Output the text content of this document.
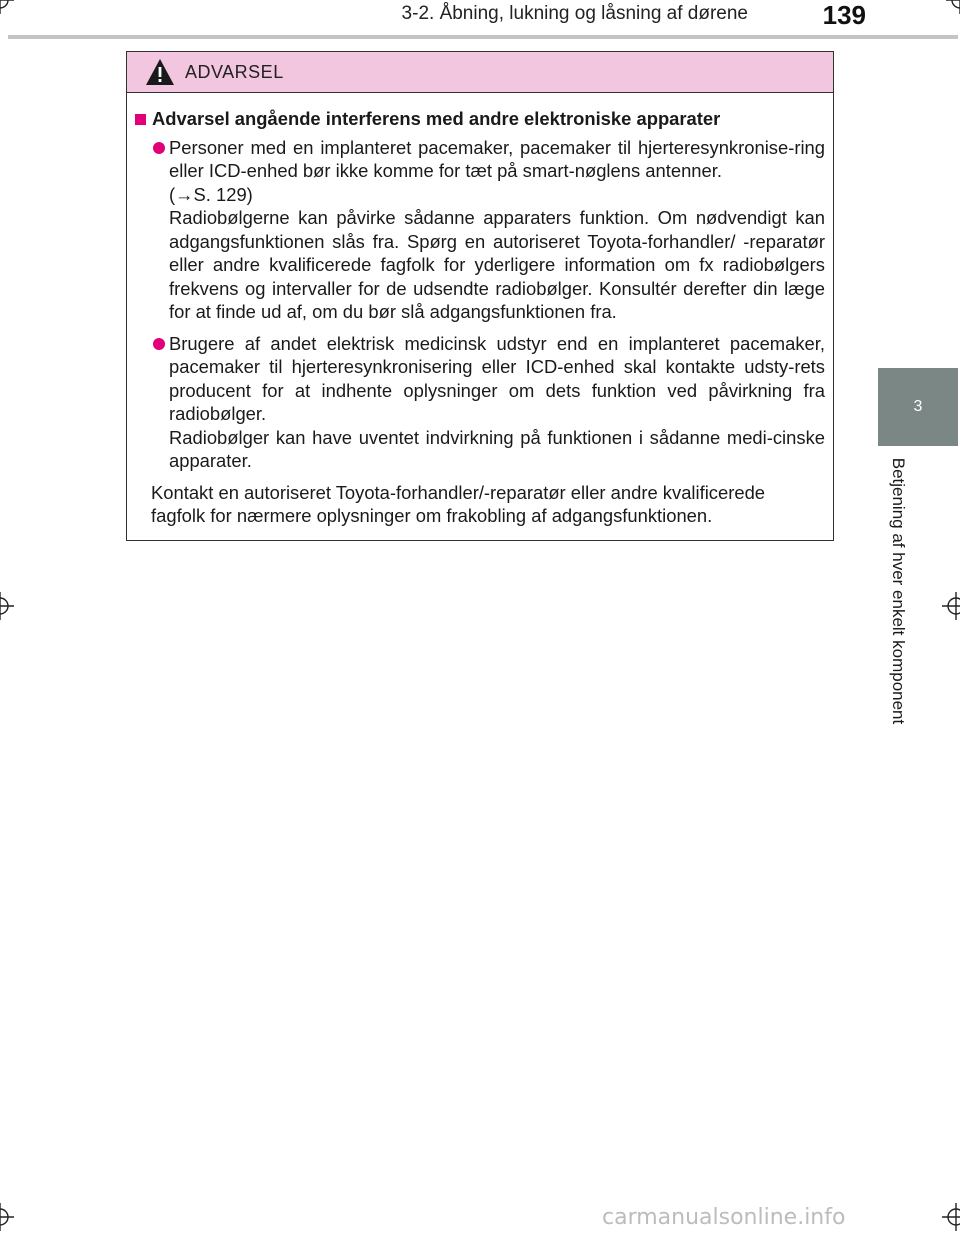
3-2. Åbning, lukning og låsning af dørene	139
3
Betjening af hver enkelt komponent
ADVARSEL
Advarsel angående interferens med andre elektroniske apparater

Personer med en implanteret pacemaker, pacemaker til hjerteresynkronise-ring eller ICD-enhed bør ikke komme for tæt på smart-nøglens antenner.

(→S. 129)

Radiobølgerne kan påvirke sådanne apparaters funktion. Om nødvendigt kan adgangsfunktionen slås fra. Spørg en autoriseret Toyota-forhandler/ -reparatør eller andre kvalificerede fagfolk for yderligere information om fx radiobølgers frekvens og intervaller for de udsendte radiobølger. Konsultér derefter din læge for at finde ud af, om du bør slå adgangsfunktionen fra.

Brugere af andet elektrisk medicinsk udstyr end en implanteret pacemaker, pacemaker til hjerteresynkronisering eller ICD-enhed skal kontakte udsty-rets producent for at indhente oplysninger om dets funktion ved påvirkning fra radiobølger.

Radiobølger kan have uventet indvirkning på funktionen i sådanne medi-cinske apparater.

Kontakt en autoriseret Toyota-forhandler/-reparatør eller andre kvalificerede fagfolk for nærmere oplysninger om frakobling af adgangsfunktionen.

carmanualsonline.info
